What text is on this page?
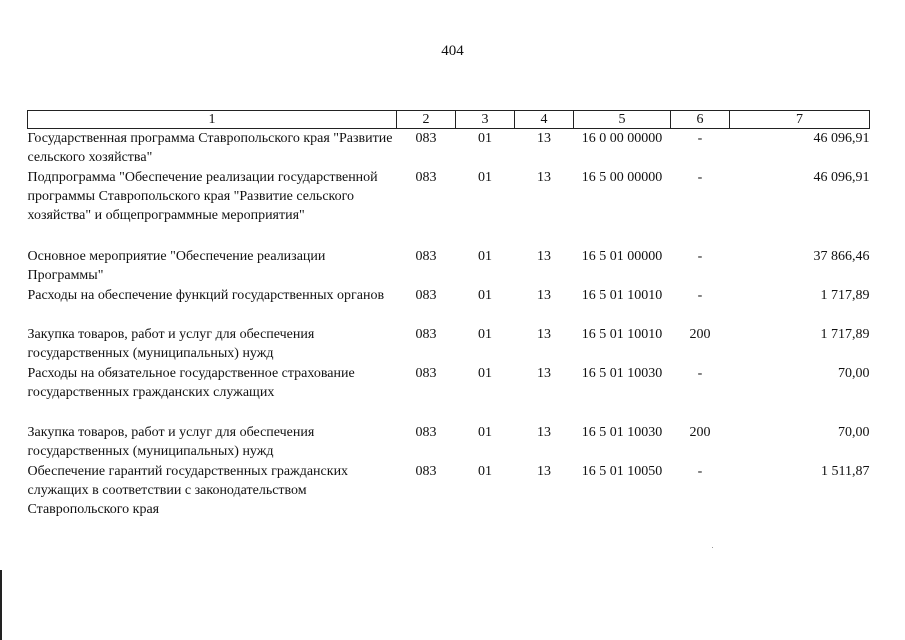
404
1	2	3	4	5	6	7
Государственная программа Ставропольского края "Развитие сельского хозяйства"	083	01	13	16 0 00 00000	-	46 096,91
Подпрограмма "Обеспечение реализации государственной программы Ставропольского края "Развитие сельского хозяйства" и общепрограммные мероприятия"	083	01	13	16 5 00 00000	-	46 096,91
Основное мероприятие "Обеспечение реализации Программы"	083	01	13	16 5 01 00000	-	37 866,46
Расходы на обеспечение функций государственных органов	083	01	13	16 5 01 10010	-	1 717,89
Закупка товаров, работ и услуг для обеспечения государственных (муниципальных) нужд	083	01	13	16 5 01 10010	200	1 717,89
Расходы на обязательное государственное страхование государственных гражданских служащих	083	01	13	16 5 01 10030	-	70,00
Закупка товаров, работ и услуг для обеспечения государственных (муниципальных) нужд	083	01	13	16 5 01 10030	200	70,00
Обеспечение гарантий государственных гражданских служащих в соответствии с законодательством Ставропольского края	083	01	13	16 5 01 10050	-	1 511,87
